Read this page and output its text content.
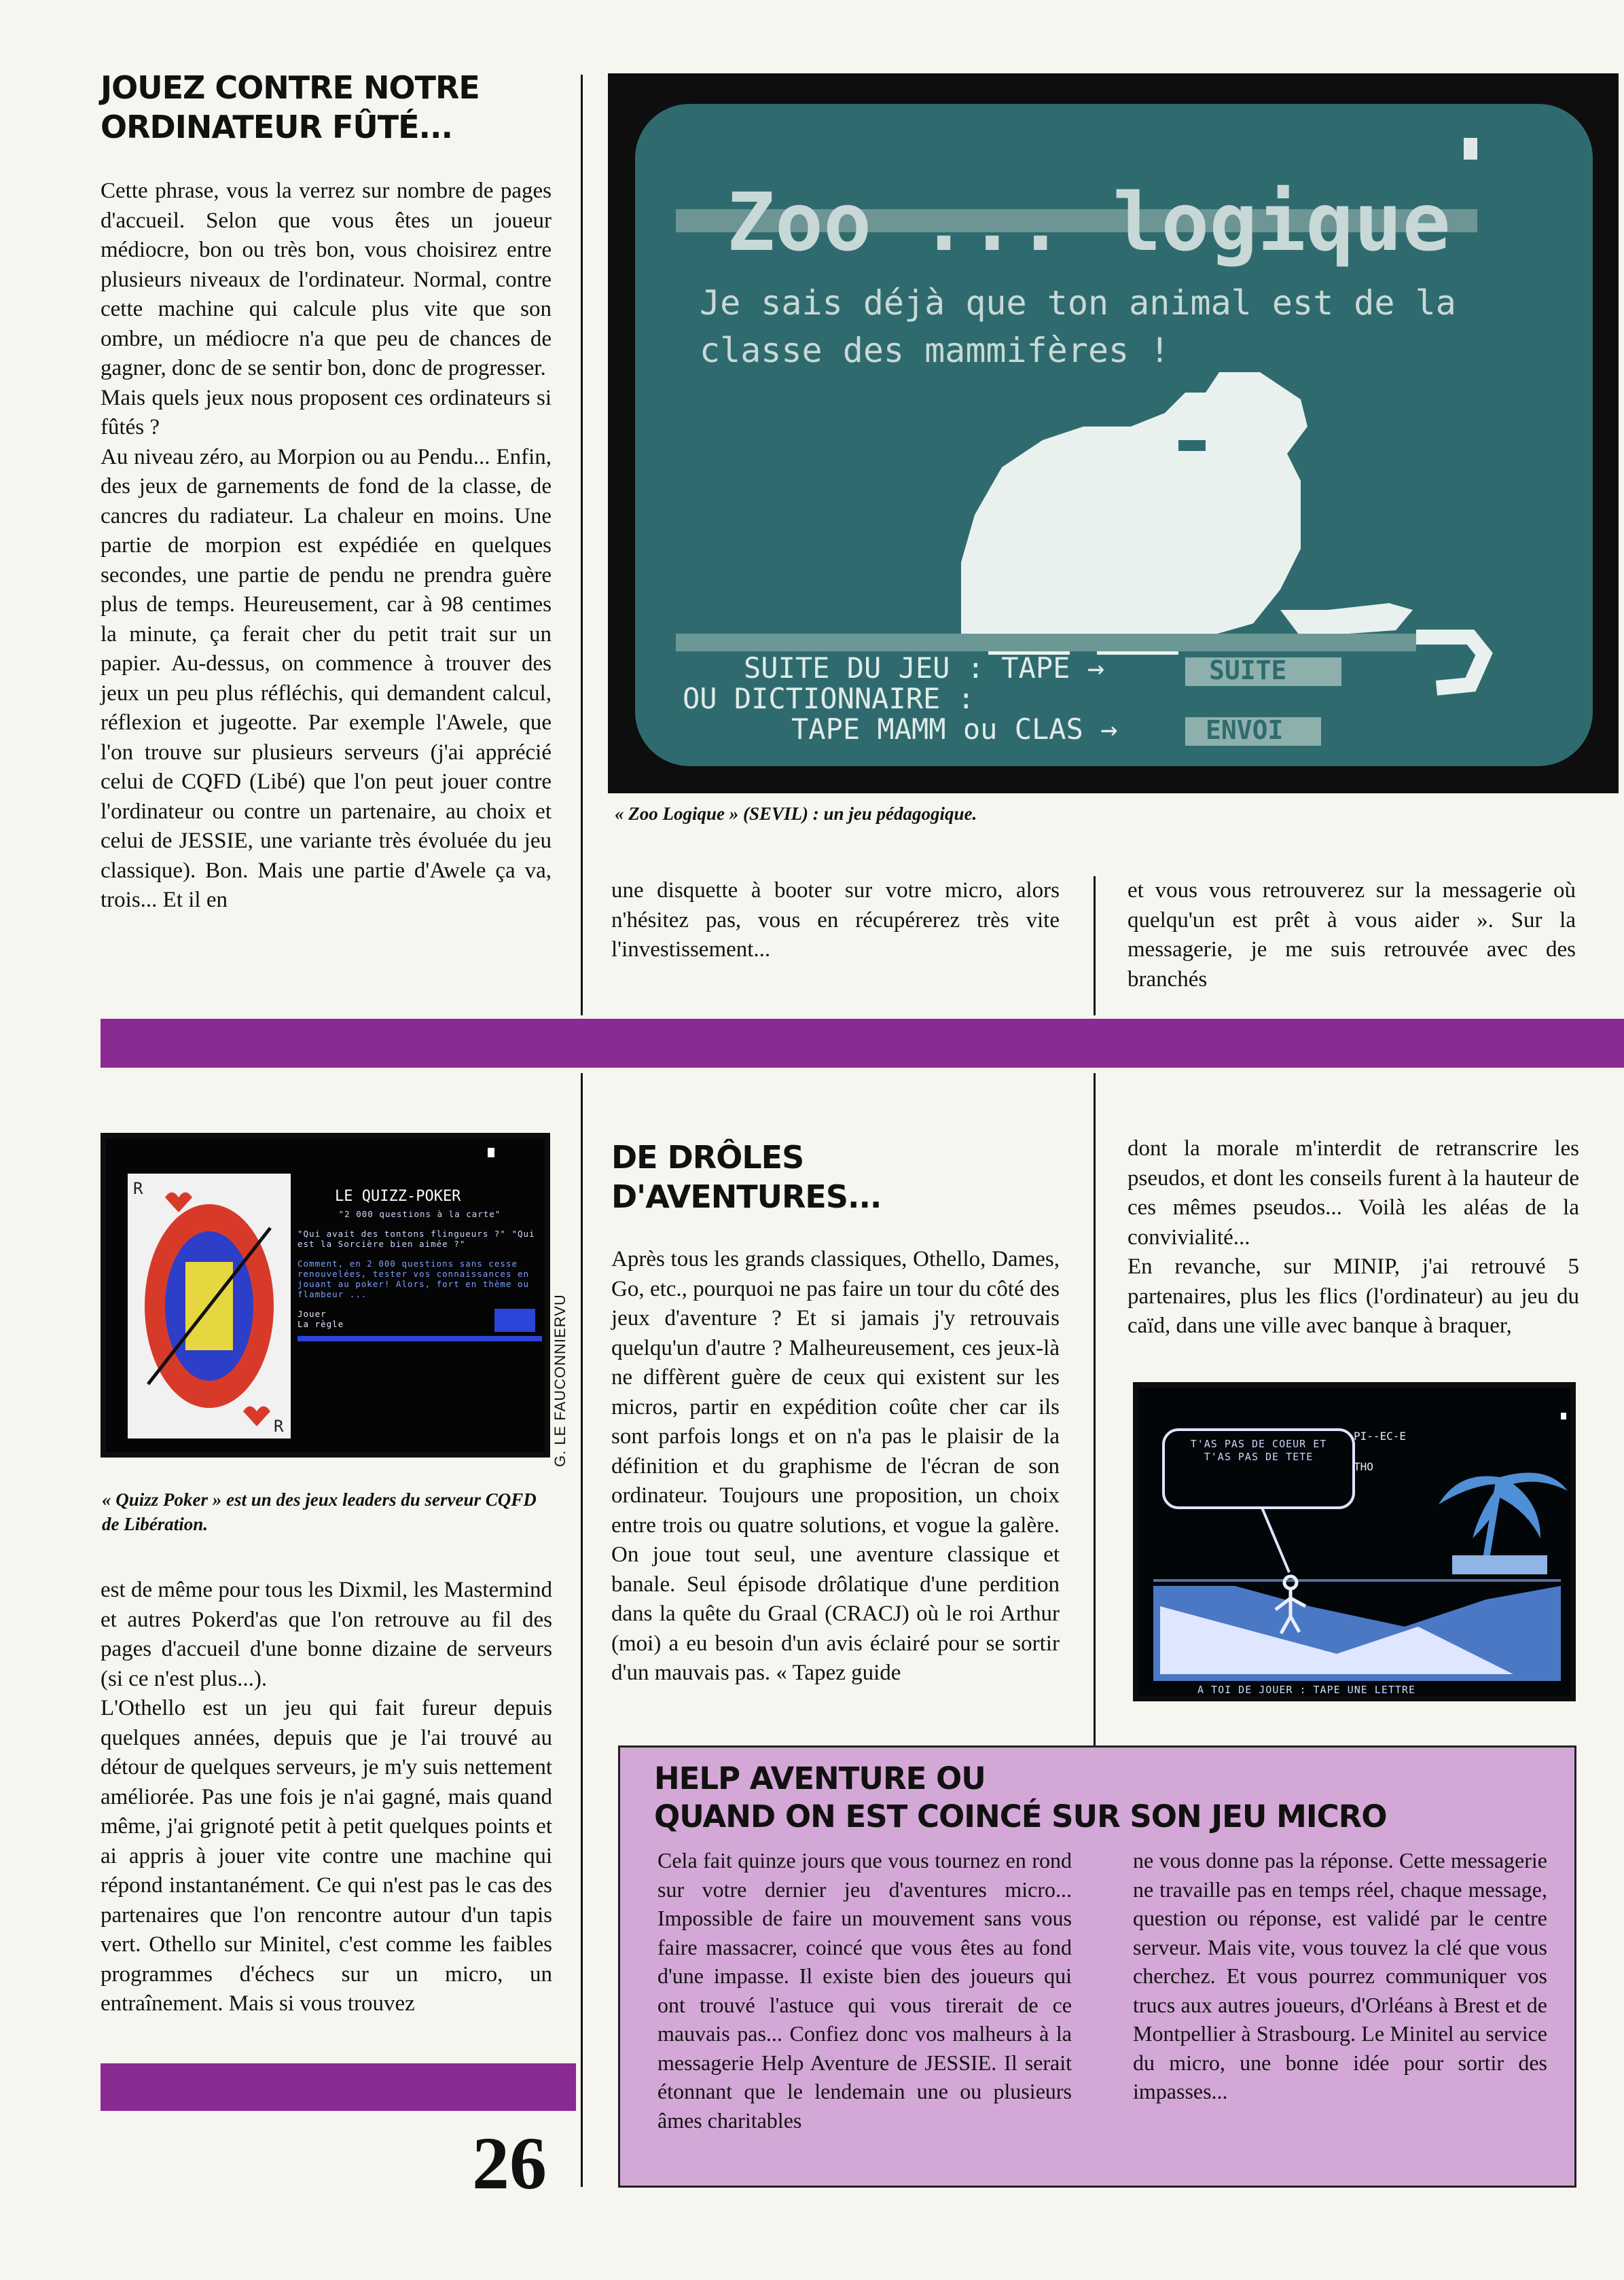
JOUEZ CONTRE NOTRE
ORDINATEUR FÛTÉ...

Cette phrase, vous la verrez sur nombre de pages d'accueil. Selon que vous êtes un joueur médiocre, bon ou très bon, vous choisirez entre plusieurs niveaux de l'ordinateur. Normal, contre cette machine qui calcule plus vite que son ombre, un médiocre n'a que peu de chances de gagner, donc de se sentir bon, donc de progresser.

Mais quels jeux nous proposent ces ordinateurs si fûtés ?

Au niveau zéro, au Morpion ou au Pendu... Enfin, des jeux de garnements de fond de la classe, de cancres du radiateur. La chaleur en moins. Une partie de morpion est expédiée en quelques secondes, une partie de pendu ne prendra guère plus de temps. Heureusement, car à 98 centimes la minute, ça ferait cher du petit trait sur un papier. Au-dessus, on commence à trouver des jeux un peu plus réfléchis, qui demandent calcul, réflexion et jugeotte. Par exemple l'Awele, que l'on trouve sur plusieurs serveurs (j'ai apprécié celui de CQFD (Libé) que l'on peut jouer contre l'ordinateur ou contre un partenaire, au choix et celui de JESSIE, une variante très évoluée du jeu classique). Bon. Mais une partie d'Awele ça va, trois... Et il en

Zoo ... logique
Je sais déjà que ton animal est de la
classe des mammifères !
SUITE DU JEU : TAPE →	SUITE
OU DICTIONNAIRE :
TAPE MAMM ou CLAS →	ENVOI

« Zoo Logique » (SEVIL) : un jeu pédagogique.

une disquette à booter sur votre micro, alors n'hésitez pas, vous en récupérerez très vite l'investissement...
et vous vous retrouverez sur la messagerie où quelqu'un est prêt à vous aider ». Sur la messagerie, je me suis retrouvée avec des branchés
R
R
LE QUIZZ-POKER
"2 000 questions à la carte"
"Qui avait des tontons flingueurs ?" "Qui est la Sorcière bien aimée ?"
Comment, en 2 000 questions sans cesse renouvelées, tester vos connaissances en jouant au poker! Alors, fort en thème ou flambeur ...
Jouer
La règle	G. LE FAUCONNIERVU

« Quizz Poker » est un des jeux leaders du serveur CQFD de Libération.

est de même pour tous les Dixmil, les Mastermind et autres Pokerd'as que l'on retrouve au fil des pages d'accueil d'une bonne dizaine de serveurs (si ce n'est plus...).

L'Othello est un jeu qui fait fureur depuis quelques années, depuis que je l'ai trouvé au détour de quelques serveurs, je m'y suis nettement améliorée. Pas une fois je n'ai gagné, mais quand même, j'ai grignoté petit à petit quelques points et ai appris à jouer vite contre une machine qui répond instantanément. Ce qui n'est pas le cas des partenaires que l'on rencontre autour d'un tapis vert. Othello sur Minitel, c'est comme les faibles programmes d'échecs sur un micro, un entraînement. Mais si vous trouvez

DE DRÔLES
D'AVENTURES...
Après tous les grands classiques, Othello, Dames, Go, etc., pourquoi ne pas faire un tour du côté des jeux d'aventure ? Et si jamais j'y retrouvais quelqu'un d'autre ? Malheureusement, ces jeux-là ne diffèrent guère de ceux qui existent sur les micros, partir en expédition coûte cher car ils sont parfois longs et on n'a pas le plaisir de la définition et du graphisme de l'écran de son ordinateur. Toujours une proposition, un choix entre trois ou quatre solutions, et vogue la galère. On joue tout seul, une aventure classique et banale. Seul épisode drôlatique d'une perdition dans la quête du Graal (CRACJ) où le roi Arthur (moi) a eu besoin d'un avis éclairé pour se sortir d'un mauvais pas. « Tapez guide

dont la morale m'interdit de retranscrire les pseudos, et dont les conseils furent à la hauteur de ces mêmes pseudos... Voilà les aléas de la convivialité...

En revanche, sur MINIP, j'ai retrouvé 5 partenaires, plus les flics (l'ordinateur) au jeu du caïd, dans une ville avec banque à braquer,

T'AS PAS DE COEUR ET T'AS PAS DE TETE
PI--EC-E
THO
A TOI DE JOUER : TAPE UNE LETTRE
HELP AVENTURE OU
QUAND ON EST COINCÉ SUR SON JEU MICRO
Cela fait quinze jours que vous tournez en rond sur votre dernier jeu d'aventures micro... Impossible de faire un mouvement sans vous faire massacrer, coincé que vous êtes au fond d'une impasse. Il existe bien des joueurs qui ont trouvé l'astuce qui vous tirerait de ce mauvais pas... Confiez donc vos malheurs à la messagerie Help Aventure de JESSIE. Il serait étonnant que le lendemain une ou plusieurs âmes charitables
ne vous donne pas la réponse. Cette messagerie ne travaille pas en temps réel, chaque message, question ou réponse, est validé par le centre serveur. Mais vite, vous touvez la clé que vous cherchez. Et vous pourrez communiquer vos trucs aux autres joueurs, d'Orléans à Brest et de Montpellier à Strasbourg. Le Minitel au service du micro, une bonne idée pour sortir des impasses...
26
